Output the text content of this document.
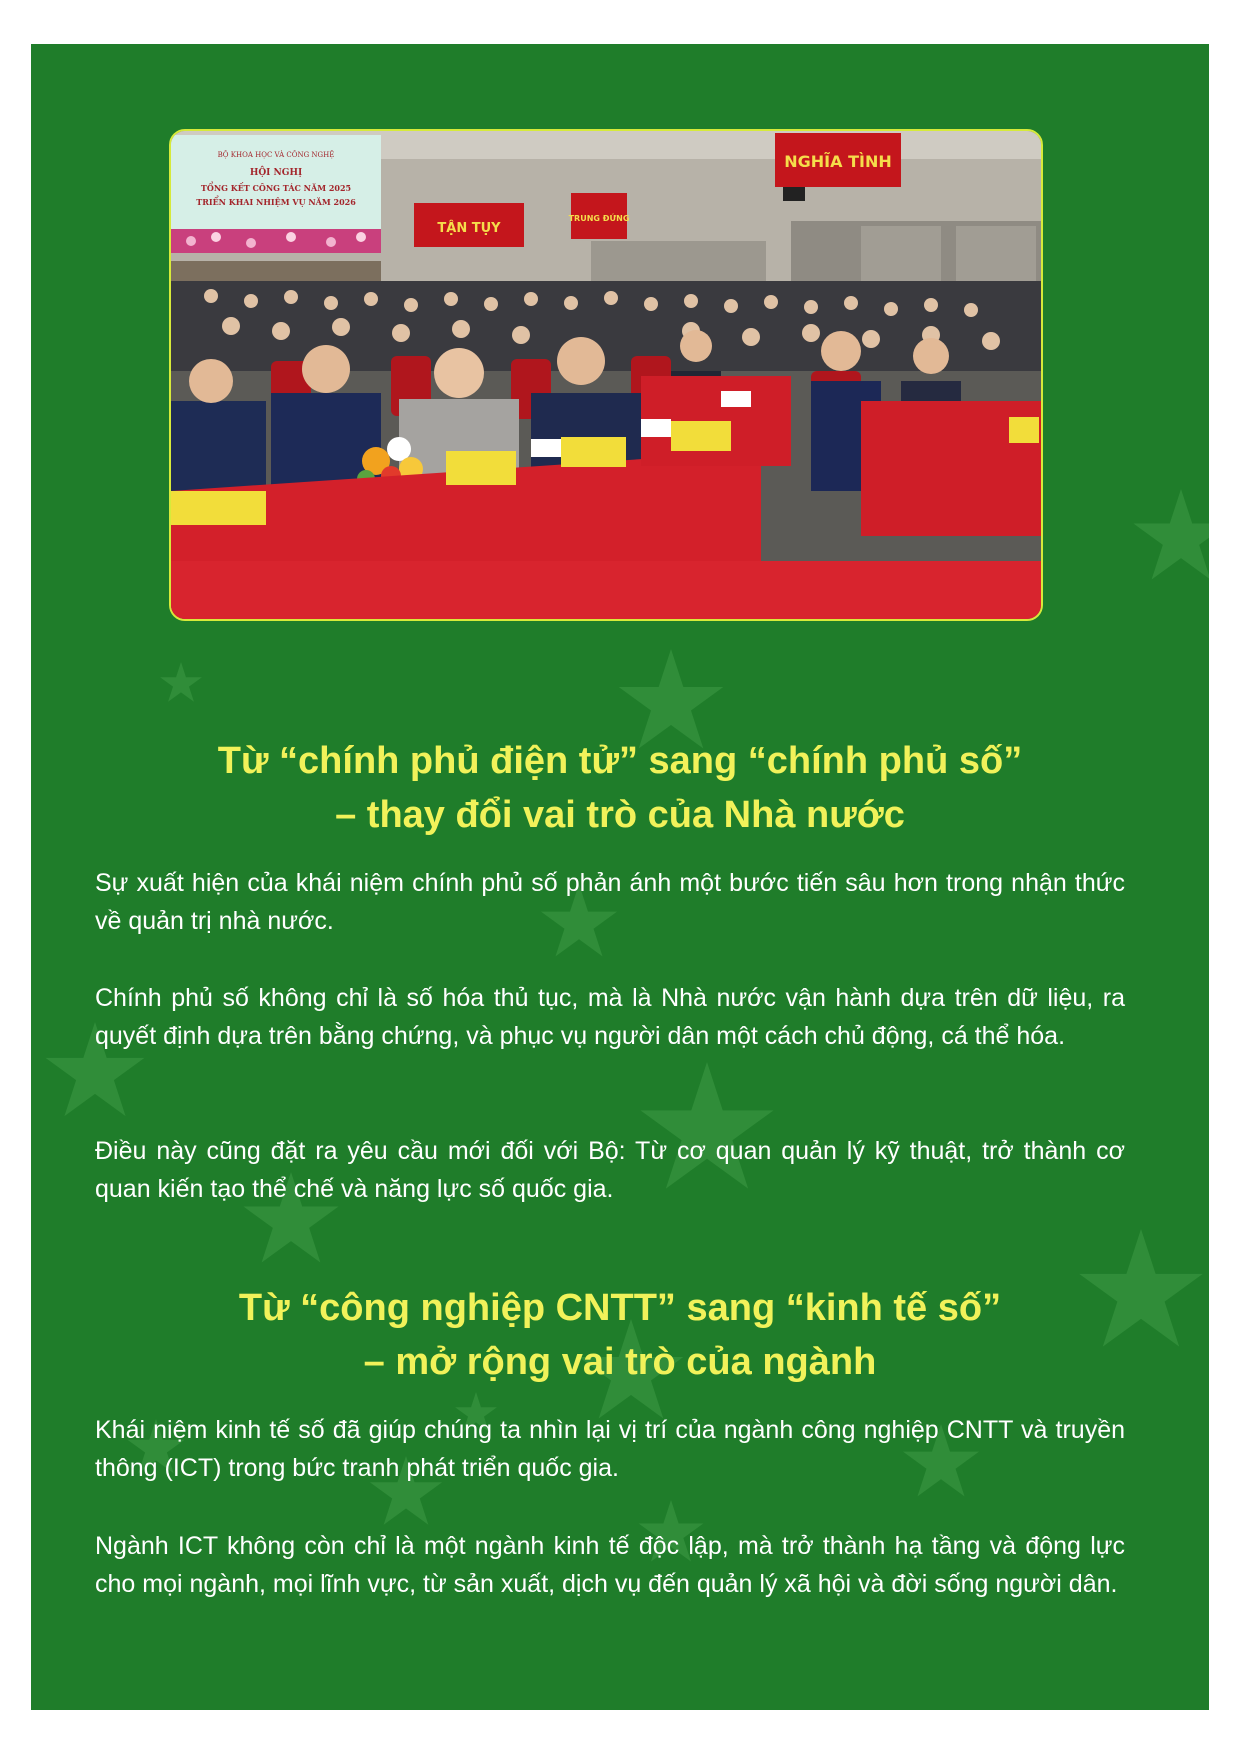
BỘ KHOA HỌC VÀ CÔNG NGHỆ
HỘI NGHỊ
TỔNG KẾT CÔNG TÁC NĂM 2025
TRIỂN KHAI NHIỆM VỤ NĂM 2026
TẬN TỤY
TRUNG ĐỨNG
NGHĨA TÌNH
Từ “chính phủ điện tử” sang “chính phủ số”
– thay đổi vai trò của Nhà nước

Sự xuất hiện của khái niệm chính phủ số phản ánh một bước tiến sâu hơn trong nhận thức về quản trị nhà nước.

Chính phủ số không chỉ là số hóa thủ tục, mà là Nhà nước vận hành dựa trên dữ liệu, ra quyết định dựa trên bằng chứng, và phục vụ người dân một cách chủ động, cá thể hóa.

Điều này cũng đặt ra yêu cầu mới đối với Bộ: Từ cơ quan quản lý kỹ thuật, trở thành cơ quan kiến tạo thể chế và năng lực số quốc gia.

Từ “công nghiệp CNTT” sang “kinh tế số”
– mở rộng vai trò của ngành

Khái niệm kinh tế số đã giúp chúng ta nhìn lại vị trí của ngành công nghiệp CNTT và truyền thông (ICT) trong bức tranh phát triển quốc gia.

Ngành ICT không còn chỉ là một ngành kinh tế độc lập, mà trở thành hạ tầng và động lực cho mọi ngành, mọi lĩnh vực, từ sản xuất, dịch vụ đến quản lý xã hội và đời sống người dân.
